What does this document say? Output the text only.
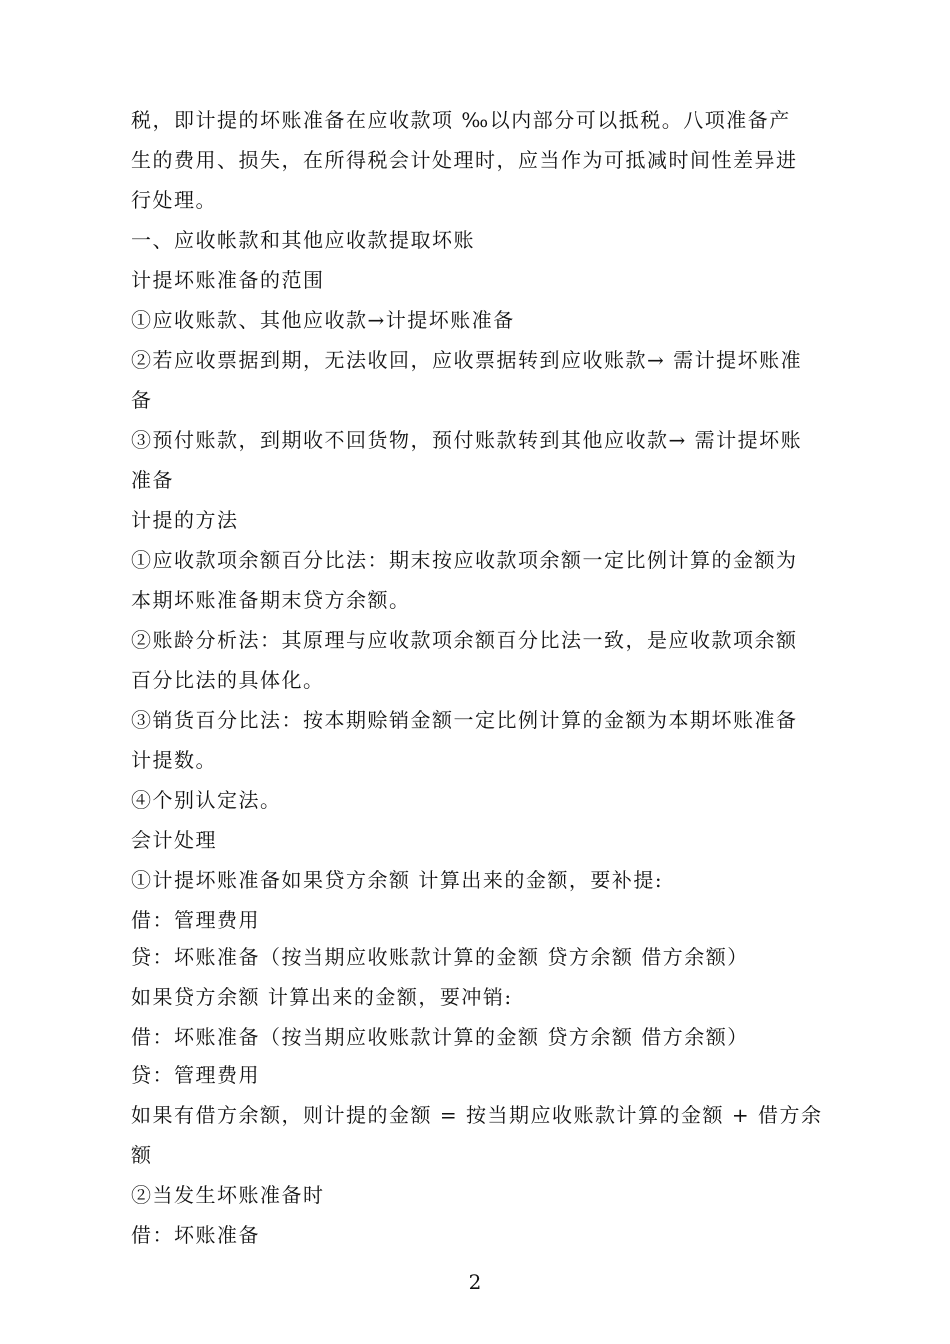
税，即计提的坏账准备在应收款项 ‰以内部分可以抵税。八项准备产
生的费用、损失，在所得税会计处理时，应当作为可抵减时间性差异进
行处理。
一、应收帐款和其他应收款提取坏账
计提坏账准备的范围
①应收账款、其他应收款→计提坏账准备
②若应收票据到期，无法收回，应收票据转到应收账款→ 需计提坏账准
备
③预付账款，到期收不回货物，预付账款转到其他应收款→ 需计提坏账
准备
计提的方法
①应收款项余额百分比法：期末按应收款项余额一定比例计算的金额为
本期坏账准备期末贷方余额。
②账龄分析法：其原理与应收款项余额百分比法一致，是应收款项余额
百分比法的具体化。
③销货百分比法：按本期赊销金额一定比例计算的金额为本期坏账准备
计提数。
④个别认定法。
会计处理
①计提坏账准备如果贷方余额 计算出来的金额，要补提:
借：管理费用
贷：坏账准备（按当期应收账款计算的金额 贷方余额 借方余额）
如果贷方余额 计算出来的金额，要冲销:
借：坏账准备（按当期应收账款计算的金额 贷方余额 借方余额）
贷：管理费用
如果有借方余额，则计提的金额 = 按当期应收账款计算的金额 + 借方余
额
②当发生坏账准备时
借：坏账准备
2
